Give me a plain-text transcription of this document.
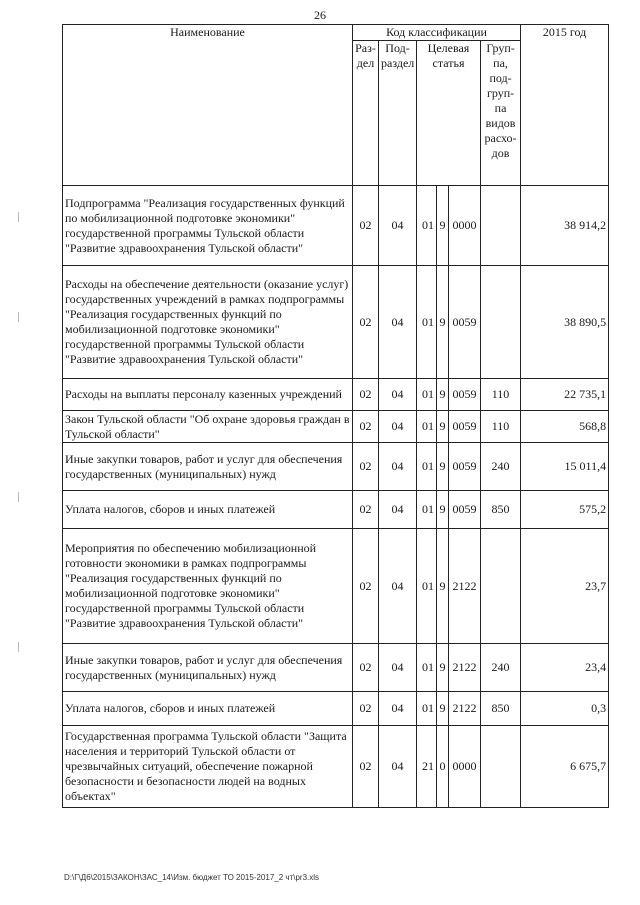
26
Наименование	Код классификации						2015 год
	Раз-дел	Под-раздел	Целевая статья			Груп-па, под-груп-па видов расхо-дов	
Подпрограмма "Реализация государственных функций по мобилизационной подготовке экономики" государственной программы Тульской области "Развитие здравоохранения Тульской области"	02	04	01	9	0000		38 914,2
Расходы на обеспечение деятельности (оказание услуг) государственных учреждений в рамках подпрограммы "Реализация государственных функций по мобилизационной подготовке экономики" государственной программы Тульской области "Развитие здравоохранения Тульской области"	02	04	01	9	0059		38 890,5
Расходы на выплаты персоналу казенных учреждений	02	04	01	9	0059	110	22 735,1
Закон Тульской области "Об охране здоровья граждан в Тульской области"	02	04	01	9	0059	110	568,8
Иные закупки товаров, работ и услуг для обеспечения государственных (муниципальных) нужд	02	04	01	9	0059	240	15 011,4
Уплата налогов, сборов и иных платежей	02	04	01	9	0059	850	575,2
Мероприятия по обеспечению мобилизационной готовности экономики в рамках подпрограммы "Реализация государственных функций по мобилизационной подготовке экономики" государственной программы Тульской области "Развитие здравоохранения Тульской области"	02	04	01	9	2122		23,7
Иные закупки товаров, работ и услуг для обеспечения государственных (муниципальных) нужд	02	04	01	9	2122	240	23,4
Уплата налогов, сборов и иных платежей	02	04	01	9	2122	850	0,3
Государственная программа Тульской области "Защита населения и территорий Тульской области от чрезвычайных ситуаций, обеспечение пожарной безопасности и безопасности людей на водных объектах"	02	04	21	0	0000		6 675,7
D:\Г\Д6\2015\ЗАКОН\ЗАС_14\Изм. бюджет ТО 2015-2017_2 чт\pr3.xls
